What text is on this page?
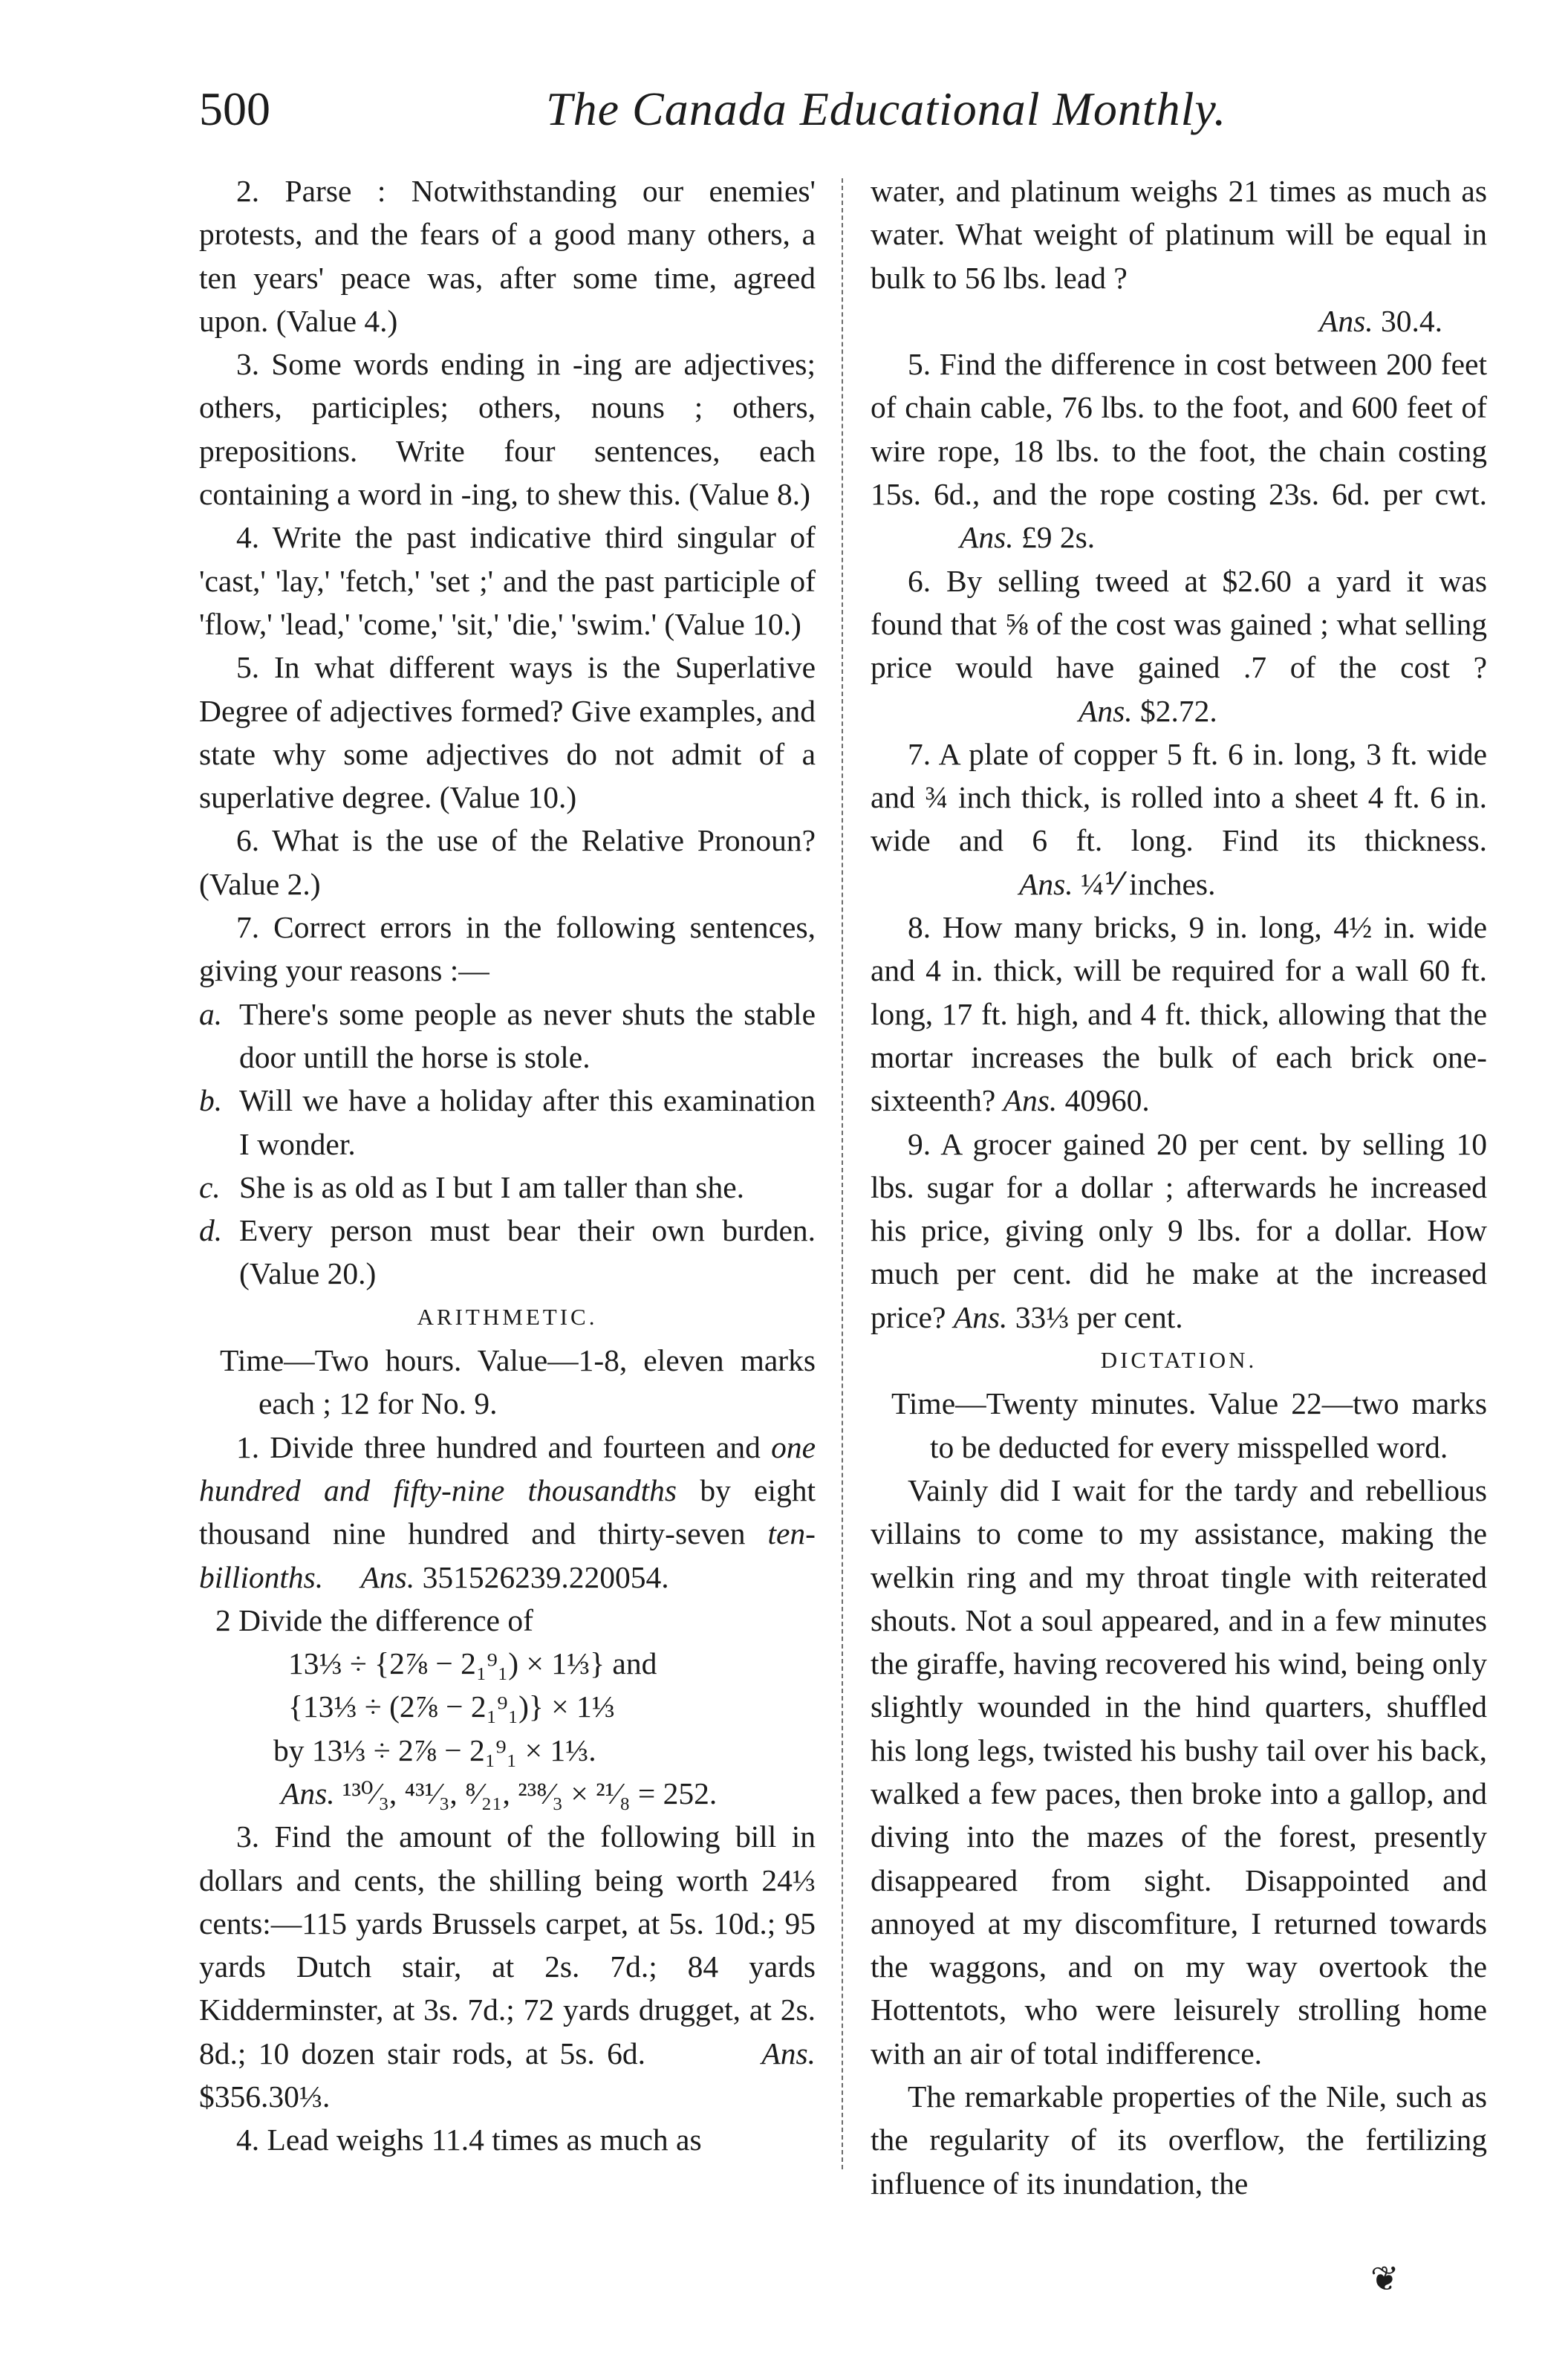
500	The Canada Educational Monthly.

2. Parse : Notwithstanding our enemies' protests, and the fears of a good many others, a ten years' peace was, after some time, agreed upon. (Value 4.)

3. Some words ending in -ing are adjectives; others, participles; others, nouns ; others, prepositions. Write four sentences, each containing a word in -ing, to shew this. (Value 8.)

4. Write the past indicative third singular of 'cast,' 'lay,' 'fetch,' 'set ;' and the past participle of 'flow,' 'lead,' 'come,' 'sit,' 'die,' 'swim.' (Value 10.)

5. In what different ways is the Superlative Degree of adjectives formed? Give examples, and state why some adjectives do not admit of a superlative degree. (Value 10.)

6. What is the use of the Relative Pronoun? (Value 2.)

7. Correct errors in the following sentences, giving your reasons :—

a. There's some people as never shuts the stable door untill the horse is stole.

b. Will we have a holiday after this examination I wonder.

c. She is as old as I but I am taller than she.

d. Every person must bear their own burden. (Value 20.)

ARITHMETIC.

Time—Two hours. Value—1-8, eleven marks each ; 12 for No. 9.

1. Divide three hundred and fourteen and one hundred and fifty-nine thousandths by eight thousand nine hundred and thirty-seven ten-billionths. Ans. 351526239.220054.

2 Divide the difference of

13⅓ ÷ {2⅞ − 2₁⁹₁) × 1⅓} and

{13⅓ ÷ (2⅞ − 2₁⁹₁)} × 1⅓

by 13⅓ ÷ 2⅞ − 2₁⁹₁ × 1⅓.

Ans. ¹³⁰⁄₃, ⁴³¹⁄₃, ⁸⁄₂₁, ²³⁸⁄₃ × ²¹⁄₈ = 252.

3. Find the amount of the following bill in dollars and cents, the shilling being worth 24⅓ cents:—115 yards Brussels carpet, at 5s. 10d.; 95 yards Dutch stair, at 2s. 7d.; 84 yards Kidderminster, at 3s. 7d.; 72 yards drugget, at 2s. 8d.; 10 dozen stair rods, at 5s. 6d.	Ans. $356.30⅓.

4. Lead weighs 11.4 times as much as

water, and platinum weighs 21 times as much as water. What weight of platinum will be equal in bulk to 56 lbs. lead ?

Ans. 30.4.

5. Find the difference in cost between 200 feet of chain cable, 76 lbs. to the foot, and 600 feet of wire rope, 18 lbs. to the foot, the chain costing 15s. 6d., and the rope costing 23s. 6d. per cwt. Ans. £9 2s.

6. By selling tweed at $2.60 a yard it was found that ⅝ of the cost was gained ; what selling price would have gained .7 of the cost ? Ans. $2.72.

7. A plate of copper 5 ft. 6 in. long, 3 ft. wide and ¾ inch thick, is rolled into a sheet 4 ft. 6 in. wide and 6 ft. long. Find its thickness. Ans. ¼⅟ inches.

8. How many bricks, 9 in. long, 4½ in. wide and 4 in. thick, will be required for a wall 60 ft. long, 17 ft. high, and 4 ft. thick, allowing that the mortar increases the bulk of each brick one-sixteenth? Ans. 40960.

9. A grocer gained 20 per cent. by selling 10 lbs. sugar for a dollar ; afterwards he increased his price, giving only 9 lbs. for a dollar. How much per cent. did he make at the increased price? Ans. 33⅓ per cent.

DICTATION.

Time—Twenty minutes. Value 22—two marks to be deducted for every misspelled word.

Vainly did I wait for the tardy and rebellious villains to come to my assistance, making the welkin ring and my throat tingle with reiterated shouts. Not a soul appeared, and in a few minutes the giraffe, having recovered his wind, being only slightly wounded in the hind quarters, shuffled his long legs, twisted his bushy tail over his back, walked a few paces, then broke into a gallop, and diving into the mazes of the forest, presently disappeared from sight. Disappointed and annoyed at my discomfiture, I returned towards the waggons, and on my way overtook the Hottentots, who were leisurely strolling home with an air of total indifference.

The remarkable properties of the Nile, such as the regularity of its overflow, the fertilizing influence of its inundation, the

❦
